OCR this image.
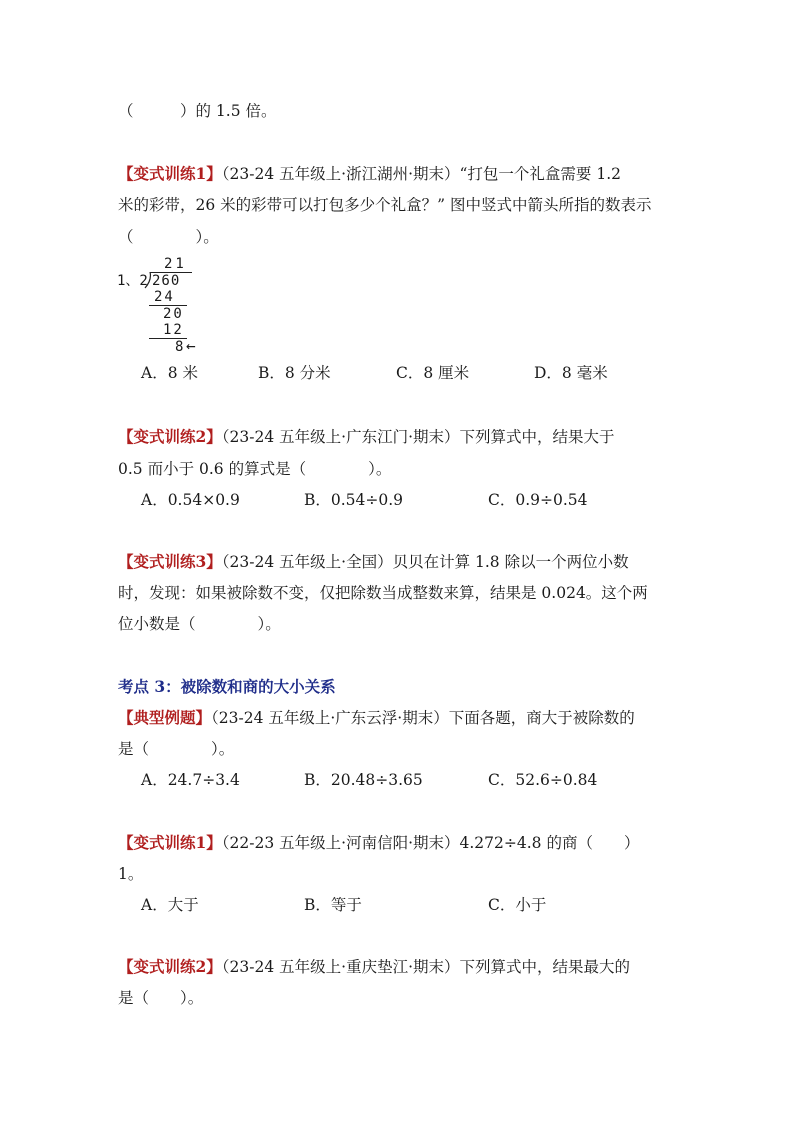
（　　　）的 1.5 倍。
【变式训练1】（23-24 五年级上·浙江湖州·期末）“打包一个礼盒需要 1.2
米的彩带，26 米的彩带可以打包多少个礼盒？” 图中竖式中箭头所指的数表示
（　　　　）。
21
1、2 260
24
20
12
8 ←
A．8 米	B．8 分米	C．8 厘米	D．8 毫米
【变式训练2】（23-24 五年级上·广东江门·期末）下列算式中，结果大于
0.5 而小于 0.6 的算式是（　　　　）。
A．0.54×0.9	B．0.54÷0.9	C．0.9÷0.54
【变式训练3】（23-24 五年级上·全国）贝贝在计算 1.8 除以一个两位小数
时，发现：如果被除数不变，仅把除数当成整数来算，结果是 0.024。这个两
位小数是（　　　　）。
考点 3：被除数和商的大小关系
【典型例题】（23-24 五年级上·广东云浮·期末）下面各题，商大于被除数的
是（　　　　）。
A．24.7÷3.4	B．20.48÷3.65	C．52.6÷0.84
【变式训练1】（22-23 五年级上·河南信阳·期末）4.272÷4.8 的商（　　）
1。
A．大于	B．等于	C．小于
【变式训练2】（23-24 五年级上·重庆垫江·期末）下列算式中，结果最大的
是（　　）。
